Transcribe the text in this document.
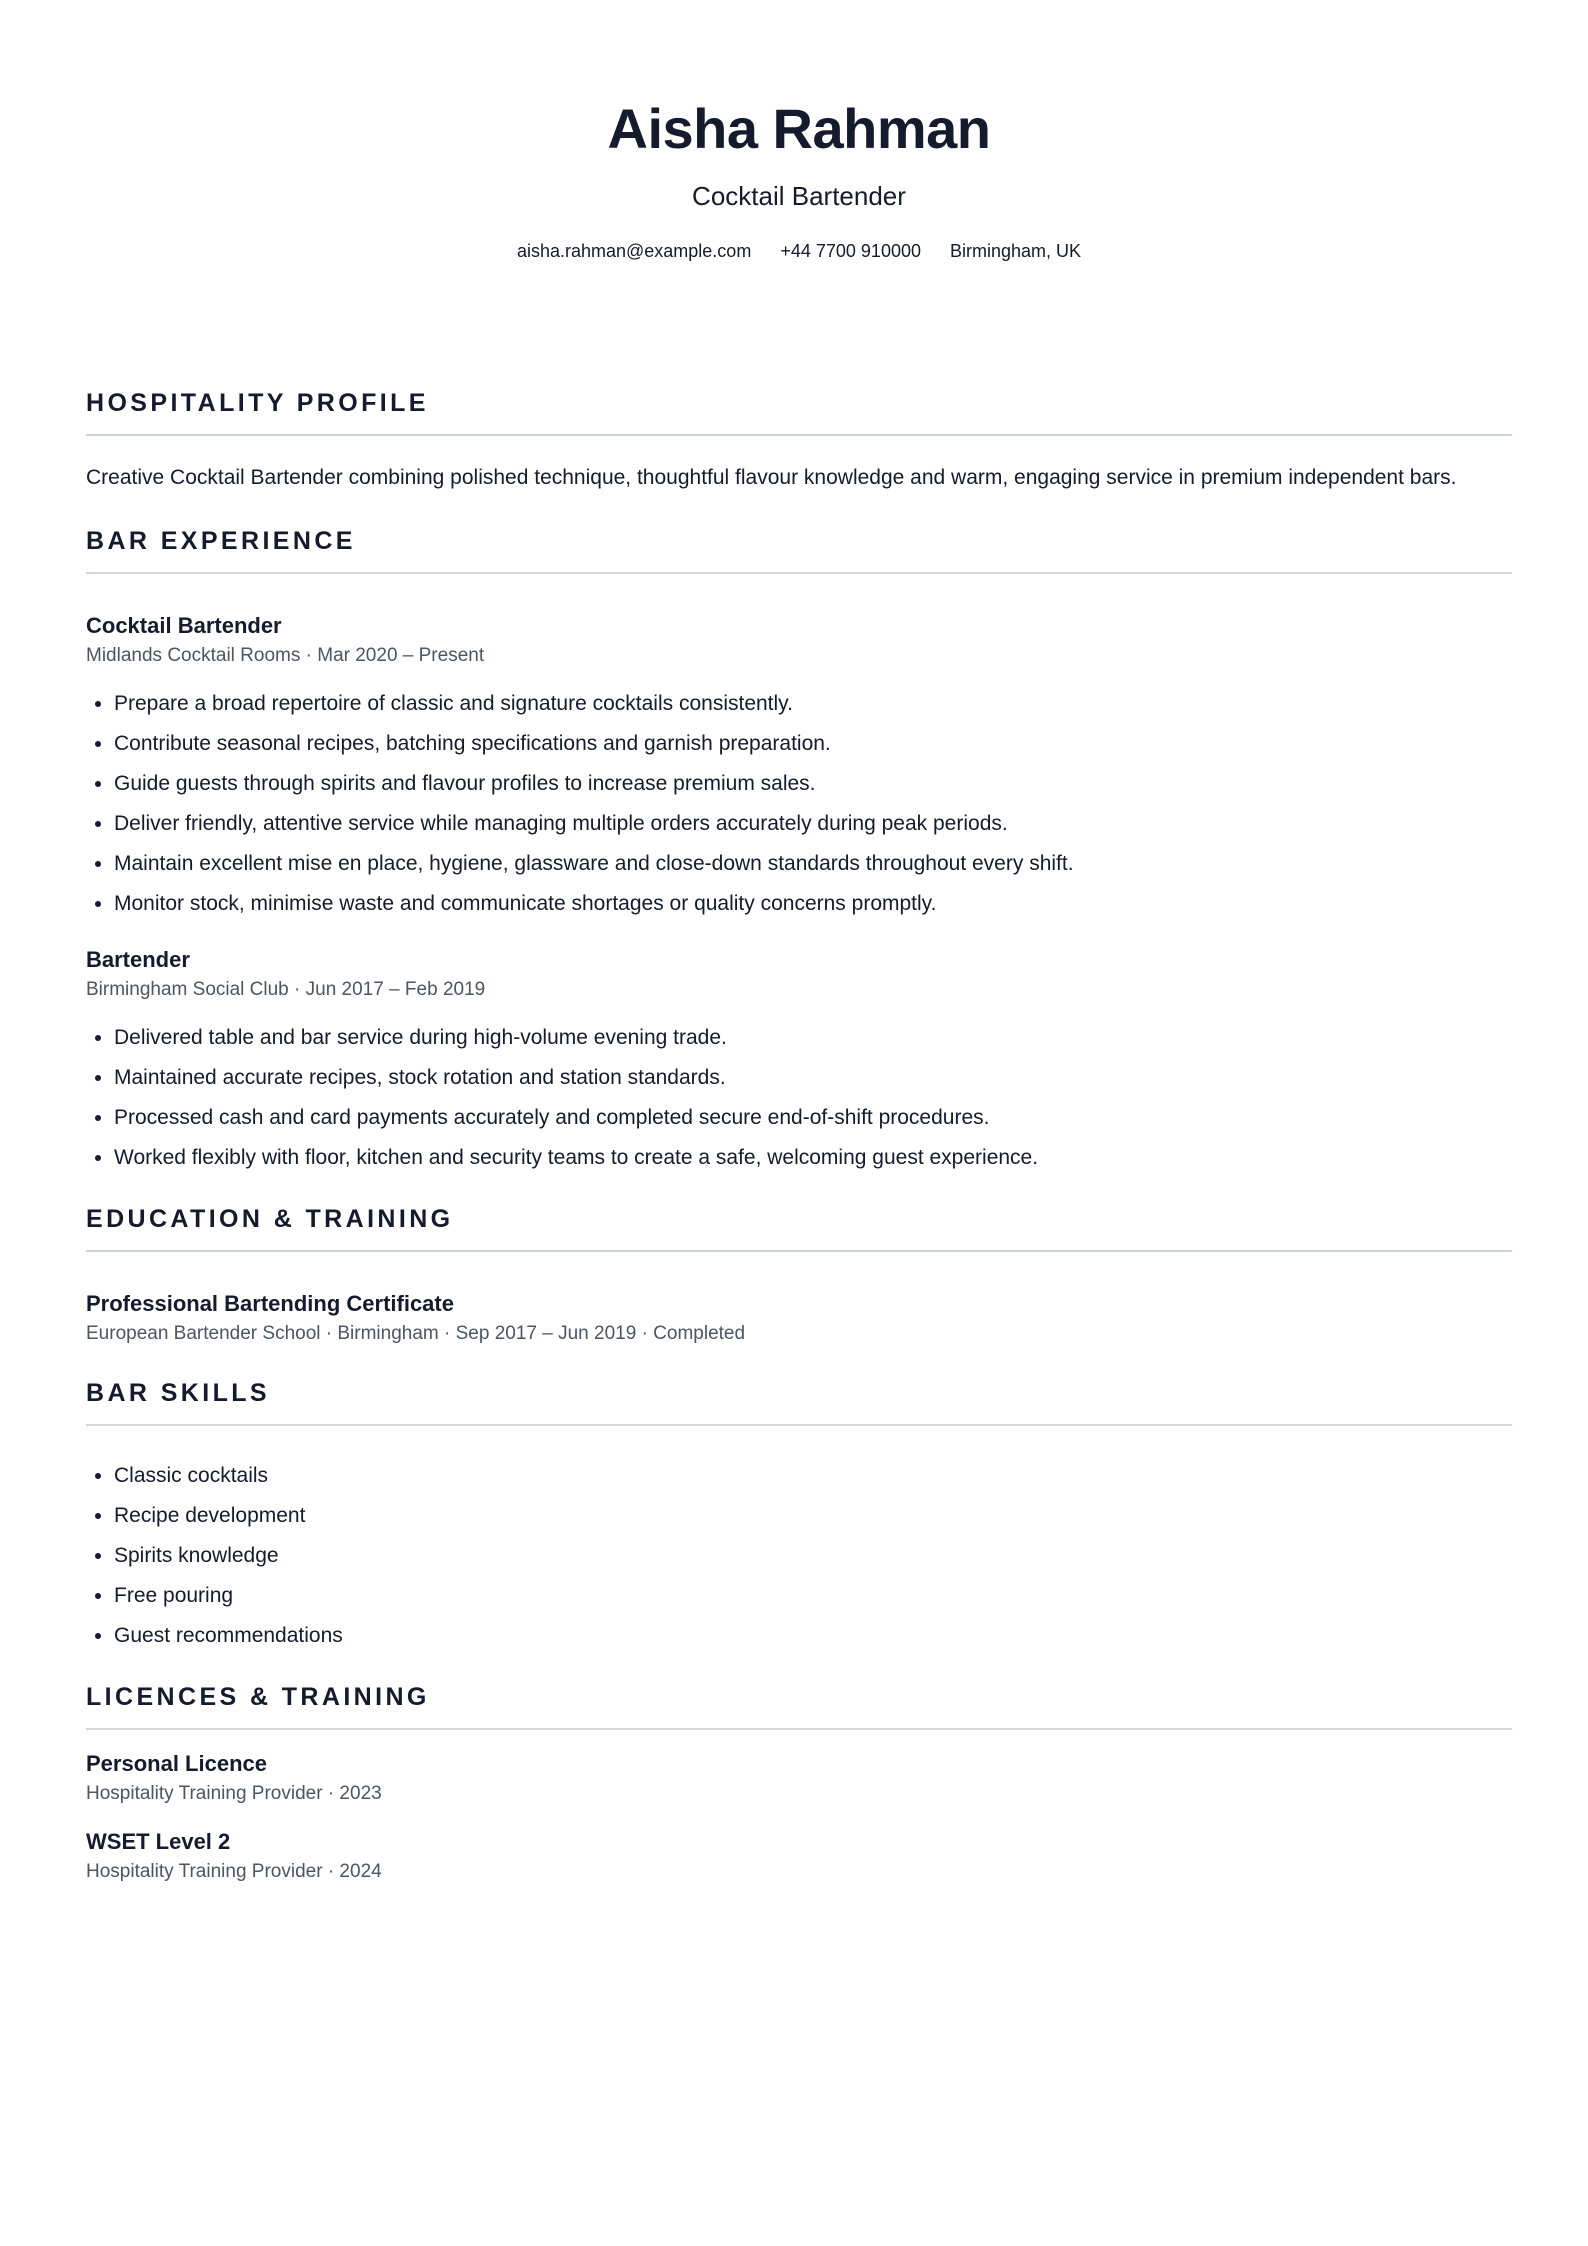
Aisha Rahman
Cocktail Bartender
aisha.rahman@example.com +44 7700 910000 Birmingham, UK
HOSPITALITY PROFILE

Creative Cocktail Bartender combining polished technique, thoughtful flavour knowledge and warm, engaging service in premium independent bars.

BAR EXPERIENCE
Cocktail Bartender
Midlands Cocktail Rooms · Mar 2020 – Present
• Prepare a broad repertoire of classic and signature cocktails consistently.
• Contribute seasonal recipes, batching specifications and garnish preparation.
• Guide guests through spirits and flavour profiles to increase premium sales.
• Deliver friendly, attentive service while managing multiple orders accurately during peak periods.
• Maintain excellent mise en place, hygiene, glassware and close-down standards throughout every shift.
• Monitor stock, minimise waste and communicate shortages or quality concerns promptly.
Bartender
Birmingham Social Club · Jun 2017 – Feb 2019
• Delivered table and bar service during high-volume evening trade.
• Maintained accurate recipes, stock rotation and station standards.
• Processed cash and card payments accurately and completed secure end-of-shift procedures.
• Worked flexibly with floor, kitchen and security teams to create a safe, welcoming guest experience.
EDUCATION & TRAINING
Professional Bartending Certificate
European Bartender School · Birmingham · Sep 2017 – Jun 2019 · Completed
BAR SKILLS
• Classic cocktails
• Recipe development
• Spirits knowledge
• Free pouring
• Guest recommendations
LICENCES & TRAINING
Personal Licence
Hospitality Training Provider · 2023
WSET Level 2
Hospitality Training Provider · 2024
